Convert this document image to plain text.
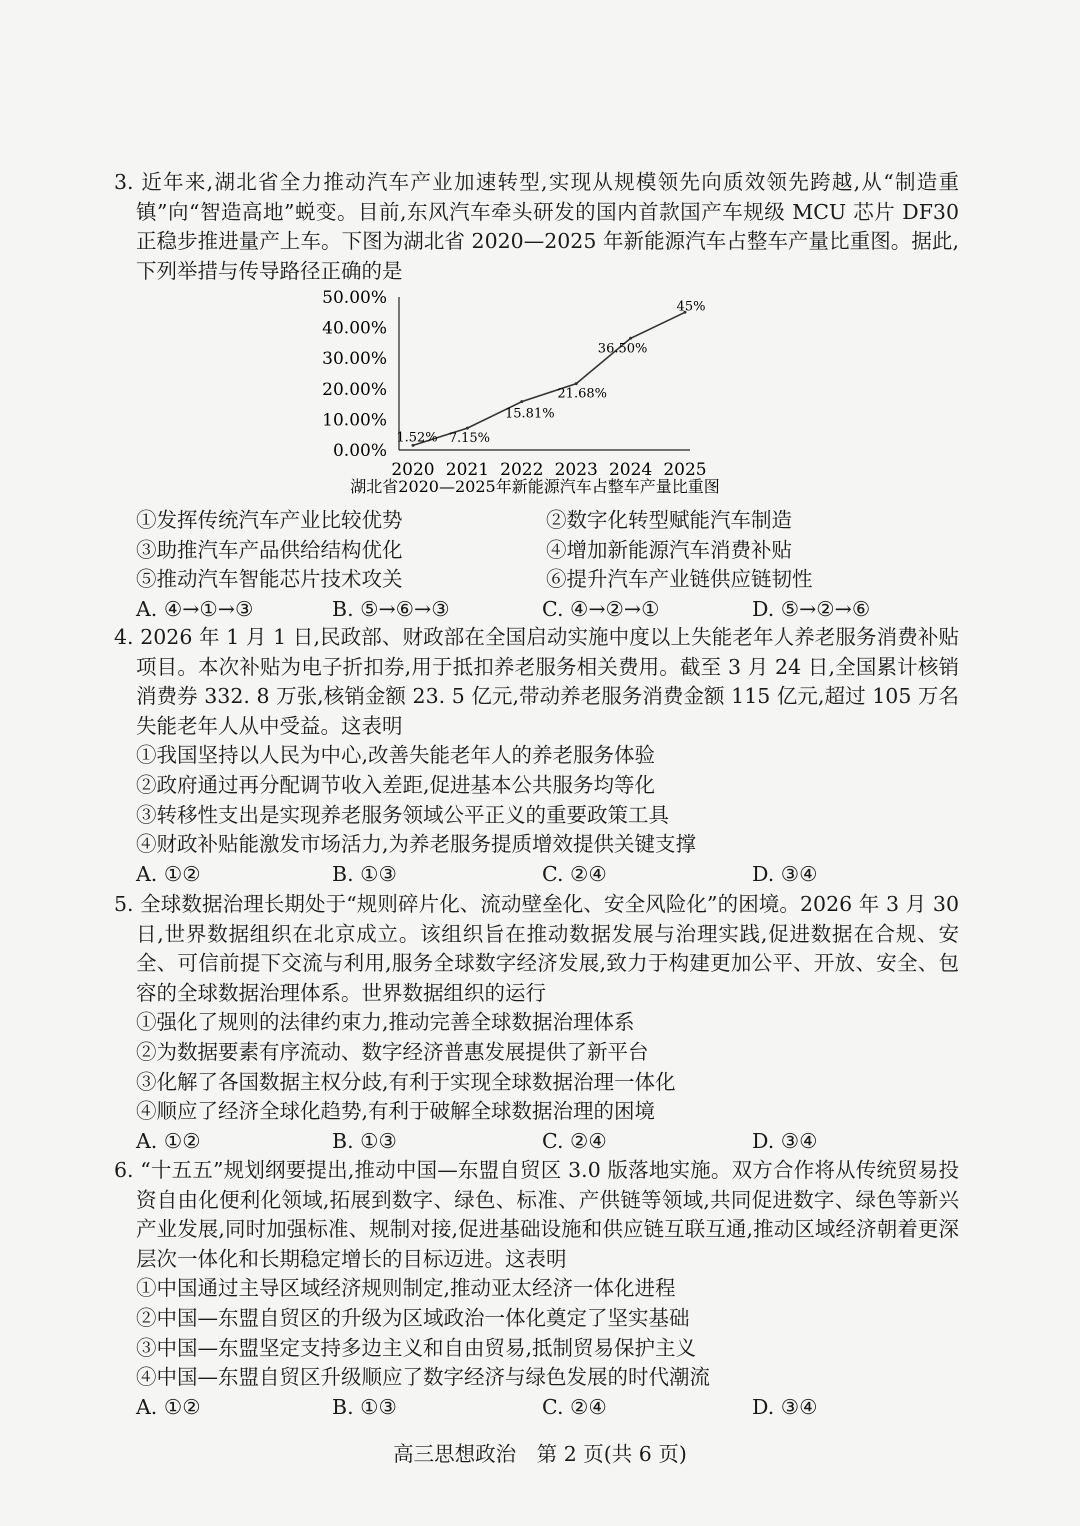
3. 近年来,湖北省全力推动汽车产业加速转型,实现从规模领先向质效领先跨越,从“制造重镇”向“智造高地”蜕变。目前,东风汽车牵头研发的国内首款国产车规级 MCU 芯片 DF30 正稳步推进量产上车。下图为湖北省 2020—2025 年新能源汽车占整车产量比重图。据此,下列举措与传导路径正确的是

0.00%
10.00%
20.00%
30.00%
40.00%
50.00%
2020 2021 2022 2023 2024 2025
1.52% 7.15%
15.81%
21.68%
36.50%
45%
湖北省2020—2025年新能源汽车占整车产量比重图
①发挥传统汽车产业比较优势	②数字化转型赋能汽车制造
③助推汽车产品供给结构优化	④增加新能源汽车消费补贴
⑤推动汽车智能芯片技术攻关	⑥提升汽车产业链供应链韧性
A. ④→①→③	B. ⑤→⑥→③	C. ④→②→①	D. ⑤→②→⑥

4. 2026 年 1 月 1 日,民政部、财政部在全国启动实施中度以上失能老年人养老服务消费补贴项目。本次补贴为电子折扣券,用于抵扣养老服务相关费用。截至 3 月 24 日,全国累计核销消费券 332. 8 万张,核销金额 23. 5 亿元,带动养老服务消费金额 115 亿元,超过 105 万名失能老年人从中受益。这表明

①我国坚持以人民为中心,改善失能老年人的养老服务体验
②政府通过再分配调节收入差距,促进基本公共服务均等化
③转移性支出是实现养老服务领域公平正义的重要政策工具
④财政补贴能激发市场活力,为养老服务提质增效提供关键支撑
A. ①②	B. ①③	C. ②④	D. ③④

5. 全球数据治理长期处于“规则碎片化、流动壁垒化、安全风险化”的困境。2026 年 3 月 30 日,世界数据组织在北京成立。该组织旨在推动数据发展与治理实践,促进数据在合规、安全、可信前提下交流与利用,服务全球数字经济发展,致力于构建更加公平、开放、安全、包容的全球数据治理体系。世界数据组织的运行

①强化了规则的法律约束力,推动完善全球数据治理体系
②为数据要素有序流动、数字经济普惠发展提供了新平台
③化解了各国数据主权分歧,有利于实现全球数据治理一体化
④顺应了经济全球化趋势,有利于破解全球数据治理的困境
A. ①②	B. ①③	C. ②④	D. ③④

6. “十五五”规划纲要提出,推动中国—东盟自贸区 3.0 版落地实施。双方合作将从传统贸易投资自由化便利化领域,拓展到数字、绿色、标准、产供链等领域,共同促进数字、绿色等新兴产业发展,同时加强标准、规制对接,促进基础设施和供应链互联互通,推动区域经济朝着更深层次一体化和长期稳定增长的目标迈进。这表明

①中国通过主导区域经济规则制定,推动亚太经济一体化进程
②中国—东盟自贸区的升级为区域政治一体化奠定了坚实基础
③中国—东盟坚定支持多边主义和自由贸易,抵制贸易保护主义
④中国—东盟自贸区升级顺应了数字经济与绿色发展的时代潮流
A. ①②	B. ①③	C. ②④	D. ③④
高三思想政治　第 2 页(共 6 页)
